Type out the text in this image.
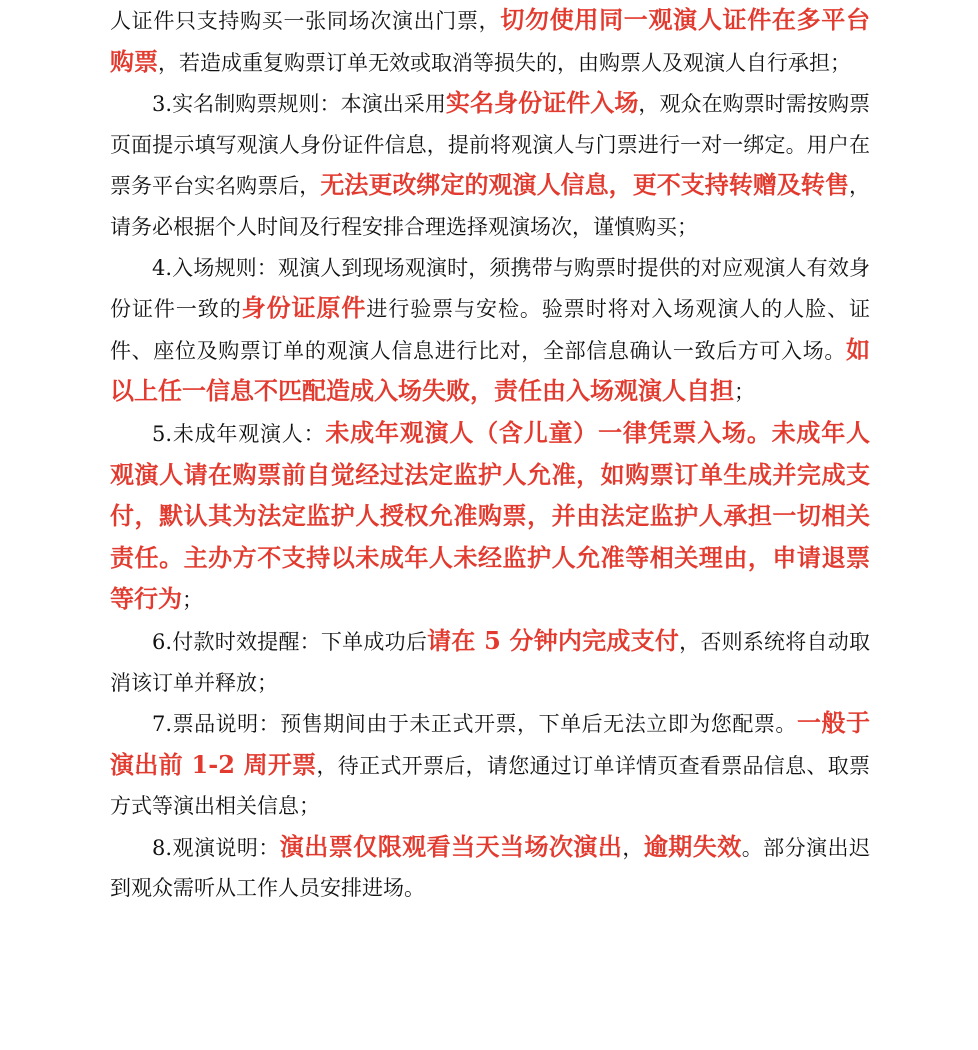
人证件只支持购买一张同场次演出门票，切勿使用同一观演人证件在多平台购票，若造成重复购票订单无效或取消等损失的，由购票人及观演人自行承担；

3.实名制购票规则：本演出采用实名身份证件入场，观众在购票时需按购票页面提示填写观演人身份证件信息，提前将观演人与门票进行一对一绑定。用户在票务平台实名购票后，无法更改绑定的观演人信息，更不支持转赠及转售，请务必根据个人时间及行程安排合理选择观演场次，谨慎购买；

4.入场规则：观演人到现场观演时，须携带与购票时提供的对应观演人有效身份证件一致的身份证原件进行验票与安检。验票时将对入场观演人的人脸、证件、座位及购票订单的观演人信息进行比对，全部信息确认一致后方可入场。如以上任一信息不匹配造成入场失败，责任由入场观演人自担；

5.未成年观演人：未成年观演人（含儿童）一律凭票入场。未成年人观演人请在购票前自觉经过法定监护人允准，如购票订单生成并完成支付，默认其为法定监护人授权允准购票，并由法定监护人承担一切相关责任。主办方不支持以未成年人未经监护人允准等相关理由，申请退票等行为；

6.付款时效提醒：下单成功后请在 5 分钟内完成支付，否则系统将自动取消该订单并释放；

7.票品说明：预售期间由于未正式开票，下单后无法立即为您配票。一般于演出前 1-2 周开票，待正式开票后，请您通过订单详情页查看票品信息、取票方式等演出相关信息；

8.观演说明：演出票仅限观看当天当场次演出，逾期失效。部分演出迟到观众需听从工作人员安排进场。
